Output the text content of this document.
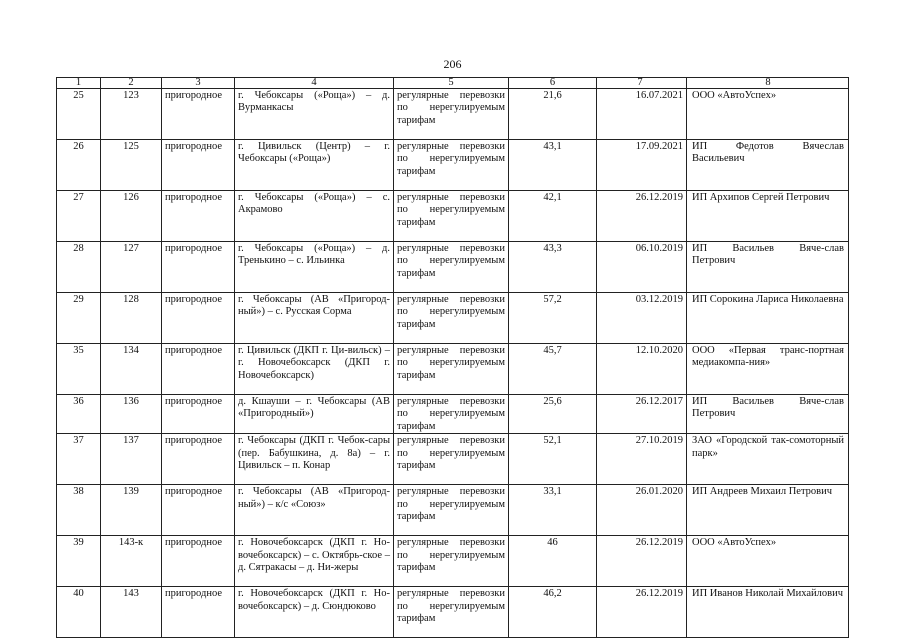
206
1	2	3	4	5	6	7	8
25	123	пригородное	г. Чебоксары («Роща») – д. Вурманкасы	регулярные перевозки по нерегулируемым тарифам	21,6	16.07.2021	ООО «АвтоУспех»
26	125	пригородное	г. Цивильск (Центр) – г. Чебоксары («Роща»)	регулярные перевозки по нерегулируемым тарифам	43,1	17.09.2021	ИП Федотов Вячеслав Васильевич
27	126	пригородное	г. Чебоксары («Роща») – с. Акрамово	регулярные перевозки по нерегулируемым тарифам	42,1	26.12.2019	ИП Архипов Сергей Петрович
28	127	пригородное	г. Чебоксары («Роща») – д. Тренькино – с. Ильинка	регулярные перевозки по нерегулируемым тарифам	43,3	06.10.2019	ИП Васильев Вяче-слав Петрович
29	128	пригородное	г. Чебоксары (АВ «Пригород-ный») – с. Русская Сорма	регулярные перевозки по нерегулируемым тарифам	57,2	03.12.2019	ИП Сорокина Лариса Николаевна
35	134	пригородное	г. Цивильск (ДКП г. Ци-вильск) – г. Новочебоксарск (ДКП г. Новочебоксарск)	регулярные перевозки по нерегулируемым тарифам	45,7	12.10.2020	ООО «Первая транс-портная медиакомпа-ния»
36	136	пригородное	д. Кшауши – г. Чебоксары (АВ «Пригородный»)	регулярные перевозки по нерегулируемым тарифам	25,6	26.12.2017	ИП Васильев Вяче-слав Петрович
37	137	пригородное	г. Чебоксары (ДКП г. Чебок-сары (пер. Бабушкина, д. 8а) – г. Цивильск – п. Конар	регулярные перевозки по нерегулируемым тарифам	52,1	27.10.2019	ЗАО «Городской так-сомоторный парк»
38	139	пригородное	г. Чебоксары (АВ «Пригород-ный») – к/с «Союз»	регулярные перевозки по нерегулируемым тарифам	33,1	26.01.2020	ИП Андреев Михаил Петрович
39	143-к	пригородное	г. Новочебоксарск (ДКП г. Но-вочебоксарск) – с. Октябрь-ское – д. Сятракасы – д. Ни-жеры	регулярные перевозки по нерегулируемым тарифам	46	26.12.2019	ООО «АвтоУспех»
40	143	пригородное	г. Новочебоксарск (ДКП г. Но-вочебоксарск) – д. Сюндюково	регулярные перевозки по нерегулируемым тарифам	46,2	26.12.2019	ИП Иванов Николай Михайлович
